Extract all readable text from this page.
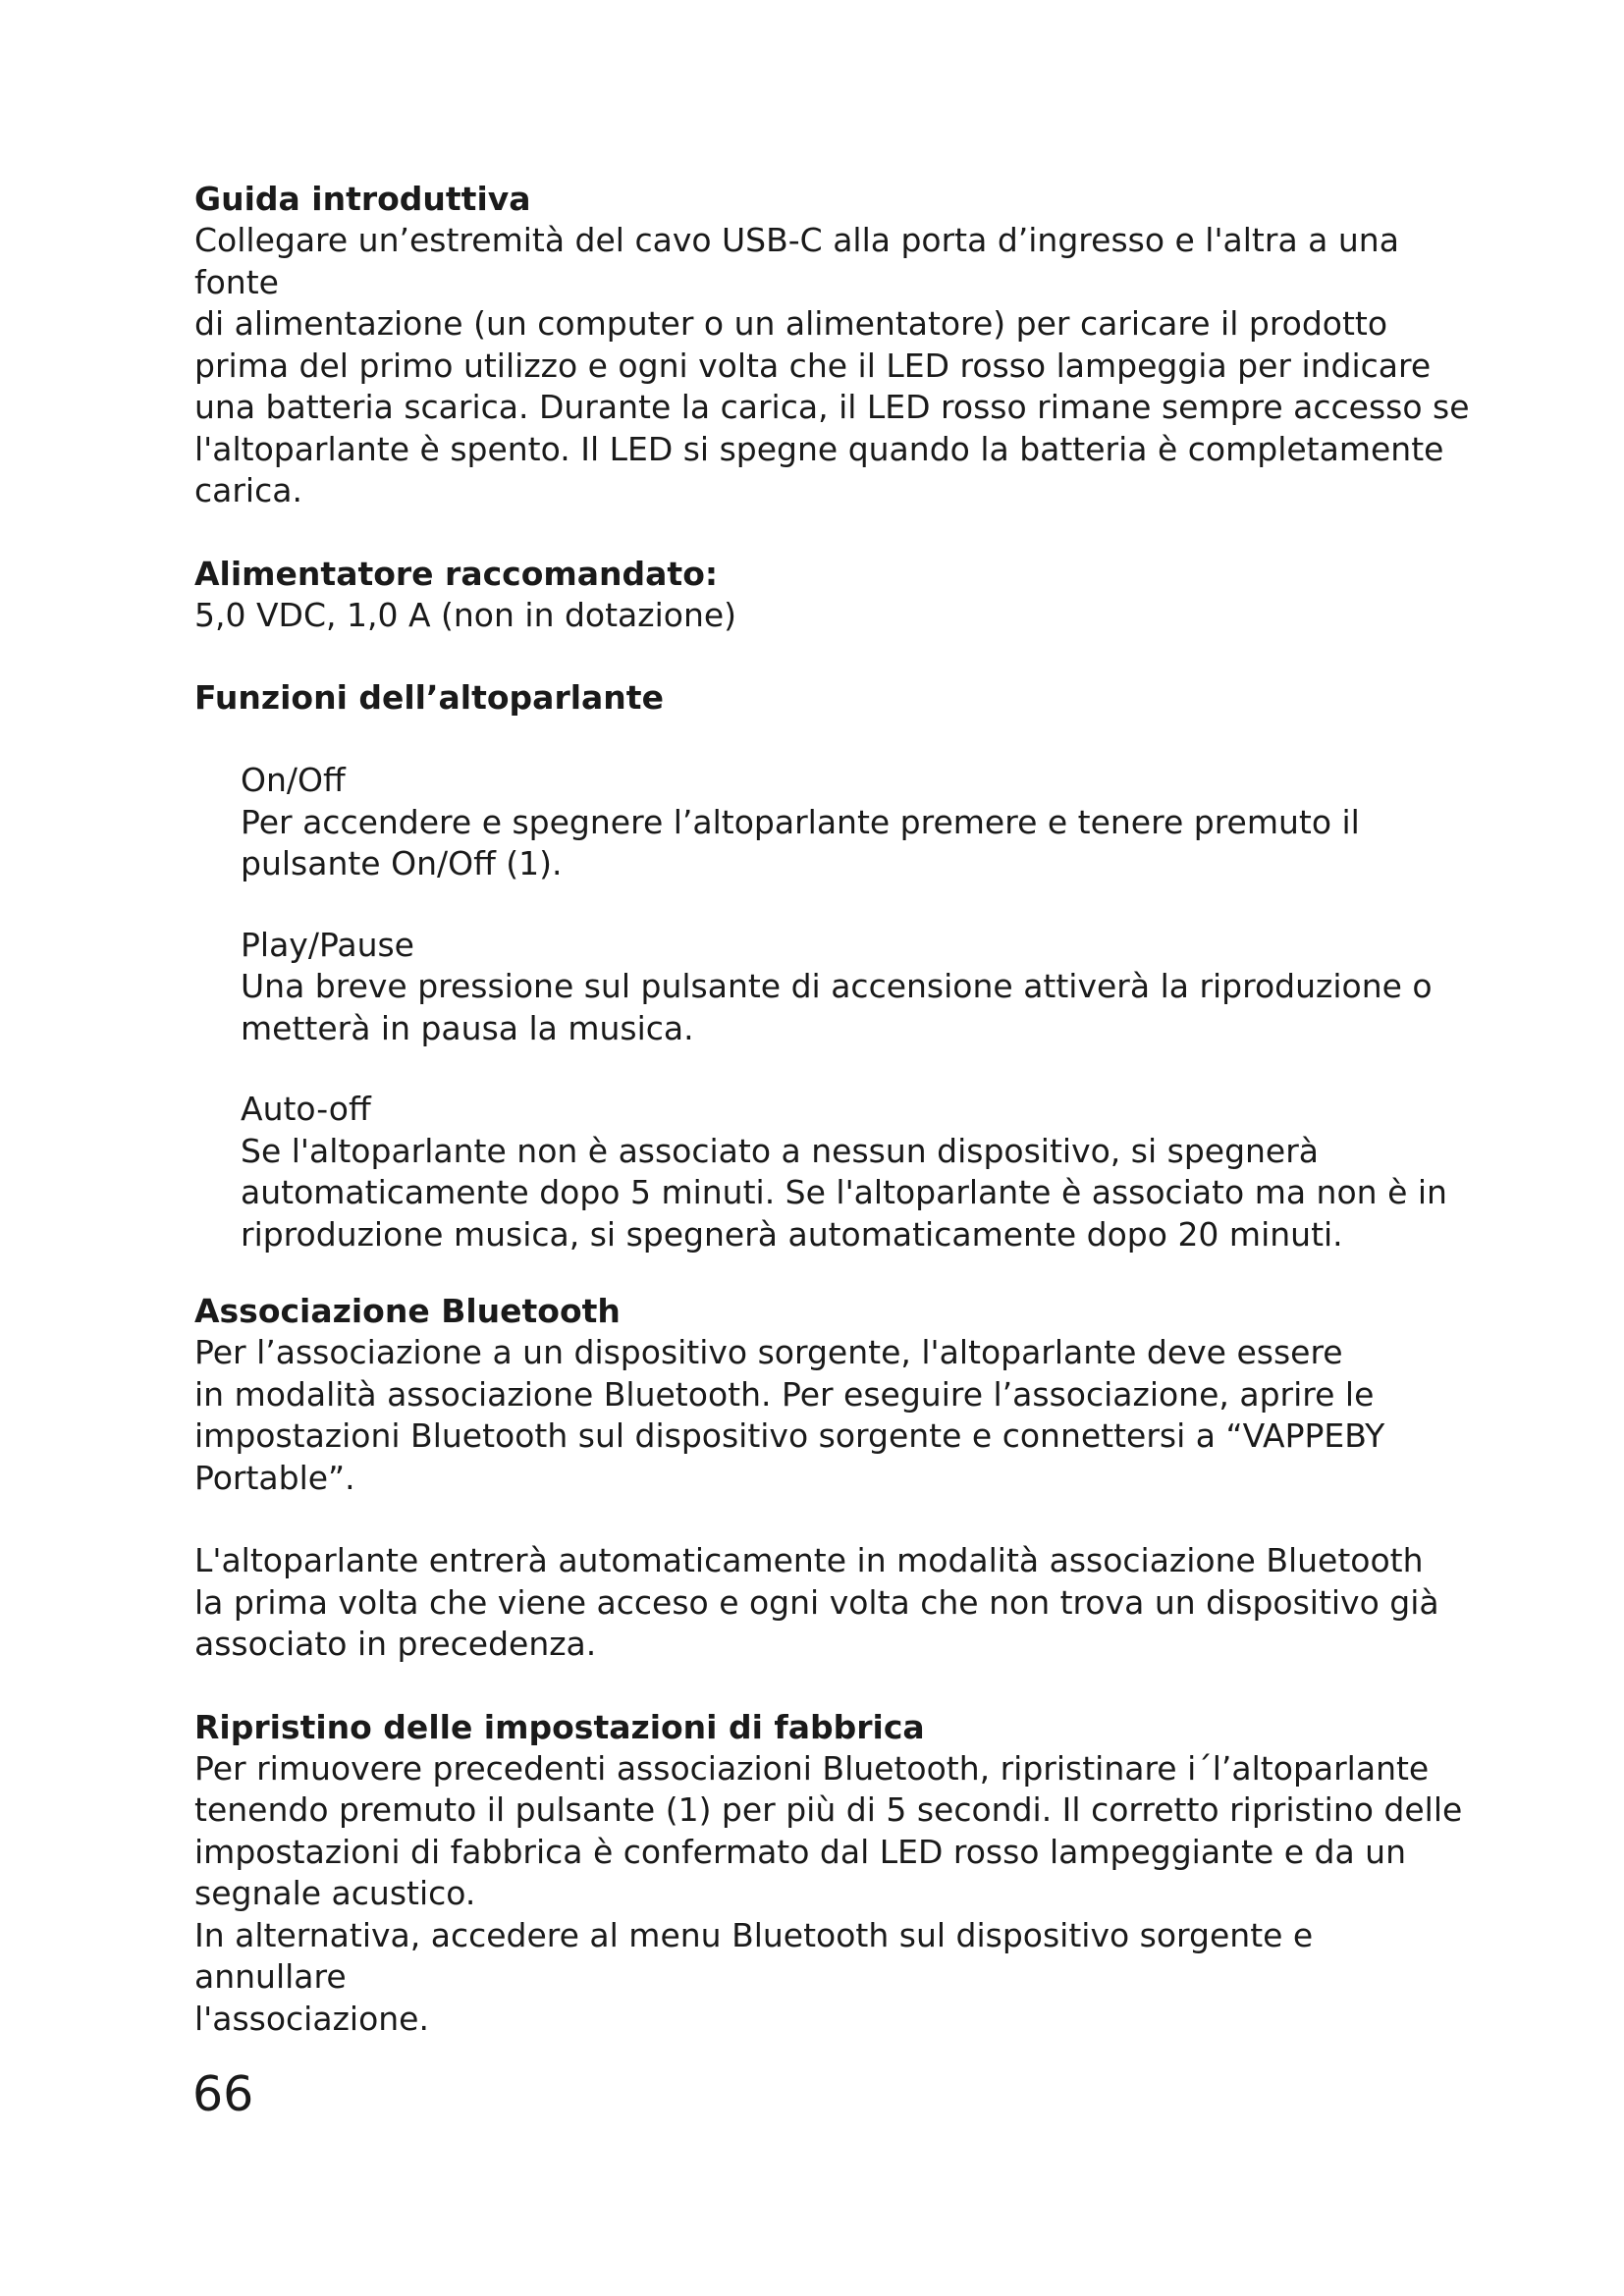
Guida introduttiva

Collegare un’estremità del cavo USB-C alla porta d’ingresso e l'altra a una fonte
di alimentazione (un computer o un alimentatore) per caricare il prodotto
prima del primo utilizzo e ogni volta che il LED rosso lampeggia per indicare
una batteria scarica. Durante la carica, il LED rosso rimane sempre accesso se
l'altoparlante è spento. Il LED si spegne quando la batteria è completamente
carica.

Alimentatore raccomandato:

5,0 VDC, 1,0 A (non in dotazione)

Funzioni dell’altoparlante

On/Off

Per accendere e spegnere l’altoparlante premere e tenere premuto il
pulsante On/Off (1).

Play/Pause

Una breve pressione sul pulsante di accensione attiverà la riproduzione o
metterà in pausa la musica.

Auto-off

Se l'altoparlante non è associato a nessun dispositivo, si spegnerà
automaticamente dopo 5 minuti. Se l'altoparlante è associato ma non è in
riproduzione musica, si spegnerà automaticamente dopo 20 minuti.

Associazione Bluetooth

Per l’associazione a un dispositivo sorgente, l'altoparlante deve essere
in modalità associazione Bluetooth. Per eseguire l’associazione, aprire le
impostazioni Bluetooth sul dispositivo sorgente e connettersi a “VAPPEBY
Portable”.

L'altoparlante entrerà automaticamente in modalità associazione Bluetooth
la prima volta che viene acceso e ogni volta che non trova un dispositivo già
associato in precedenza.

Ripristino delle impostazioni di fabbrica

Per rimuovere precedenti associazioni Bluetooth, ripristinare i´l’altoparlante
tenendo premuto il pulsante (1) per più di 5 secondi. Il corretto ripristino delle
impostazioni di fabbrica è confermato dal LED rosso lampeggiante e da un
segnale acustico.

In alternativa, accedere al menu Bluetooth sul dispositivo sorgente e annullare
l'associazione.

66
